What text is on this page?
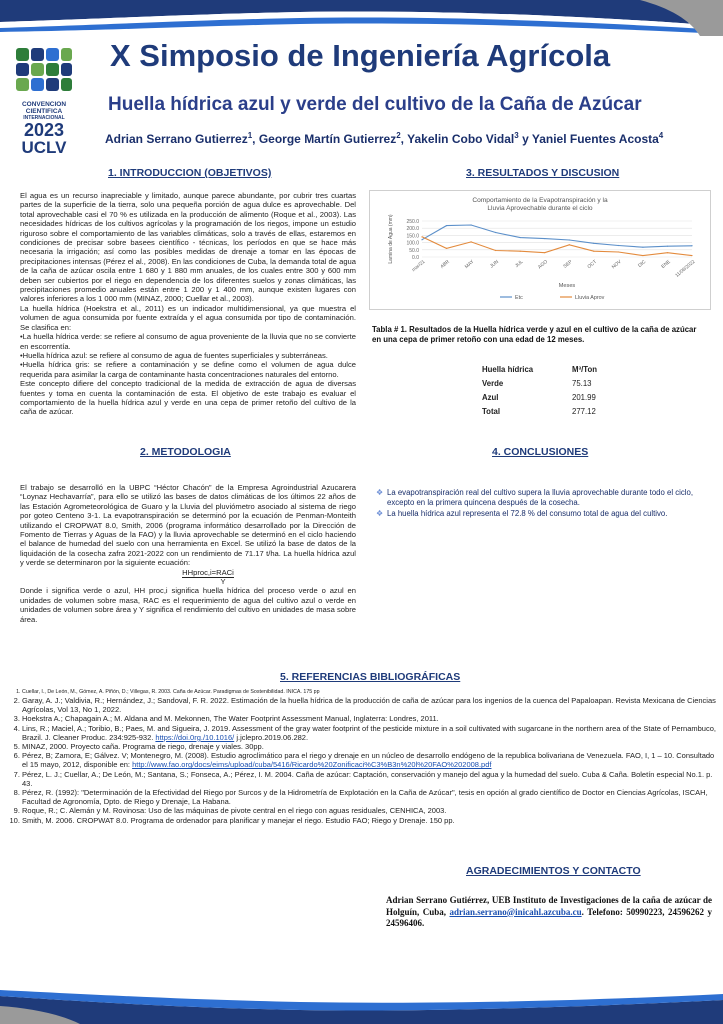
CONVENCION
CIENTIFICA
INTERNACIONAL
2023
UCLV
X Simposio de Ingeniería Agrícola
Huella hídrica azul y verde del cultivo de la Caña de Azúcar
Adrian Serrano Gutierrez$^1$, George Martín Gutierrez$^2$, Yakelin Cobo Vidal$^3$ y Yaniel Fuentes Acosta$^4$
1. INTRODUCCION (OBJETIVOS)

El agua es un recurso inapreciable y limitado, aunque parece abundante, por cubrir tres cuartas partes de la superficie de la tierra, solo una pequeña porción de agua dulce es aprovechable. Del total aprovechable casi el 70 % es utilizada en la producción de alimento (Roque et al., 2003). Las necesidades hídricas de los cultivos agrícolas y la programación de los riegos, impone un estudio riguroso sobre el comportamiento de las variables climáticas, solo a través de ellas, estaremos en condiciones de precisar sobre basees científico - técnicas, los períodos en que se hace más necesaria la irrigación; así como las posibles medidas de drenaje a tomar en las épocas de precipitaciones intensas (Pérez el al., 2008). En las condiciones de Cuba, la demanda total de agua de la caña de azúcar oscila entre 1 680 y 1 880 mm anuales, de los cuales entre 300 y 600 mm deben ser cubiertos por el riego en dependencia de los diferentes suelos y zonas climáticas, las precipitaciones promedio anuales están entre 1 200 y 1 400 mm, aunque existen lugares con valores inferiores a los 1 000 mm (MINAZ, 2000; Cuellar et al., 2003).

La huella hídrica (Hoekstra et al., 2011) es un indicador multidimensional, ya que muestra el volumen de agua consumida por fuente extraída y el agua consumida por tipo de contaminación. Se clasifica en:

•La huella hídrica verde: se refiere al consumo de agua proveniente de la lluvia que no se convierte en escorrentía.

•Huella hídrica azul: se refiere al consumo de agua de fuentes superficiales y subterráneas.

•Huella hídrica gris: se refiere a contaminación y se define como el volumen de agua dulce requerida para asimilar la carga de contaminante hasta concentraciones naturales del entorno.

Este concepto difiere del concepto tradicional de la medida de extracción de agua de diversas fuentes y toma en cuenta la contaminación de esta. El objetivo de este trabajo es evaluar el comportamiento de la huella hídrica azul y verde en una cepa de primer retoño del cultivo de la caña de azúcar.

2. METODOLOGIA

El trabajo se desarrolló en la UBPC “Héctor Chacón” de la Empresa Agroindustrial Azucarera “Loynaz Hechavarría”, para ello se utilizó las bases de datos climáticas de los últimos 22 años de las Estación Agrometeorológica de Guaro y la Lluvia del pluviómetro asociado al sistema de riego por goteo Centeno 3-1. La evapotranspiración se determinó por la ecuación de Penman-Monteith utilizando el CROPWAT 8.0, Smith, 2006 (programa informático desarrollado por la Dirección de Fomento de Tierras y Aguas de la FAO) y la lluvia aprovechable se determinó en el ciclo haciendo el balance de humedad del suelo con una herramienta en Excel. Se utilizó la base de datos de la liquidación de la cosecha zafra 2021-2022 con un rendimiento de 71.17 t/ha. La huella hídrica azul y verde se determinaron por la siguiente ecuación:

HHproc,i=RACi

Y

Donde i significa verde o azul, HH proc,i significa huella hídrica del proceso verde o azul en unidades de volumen sobre masa, RAC es el requerimiento de agua del cultivo azul o verde en unidades de volumen sobre área y Y significa el rendimiento del cultivo en unidades de masa sobre área.

3. RESULTADOS Y DISCUSION
Comportamiento de la Evapotranspiración y la
Lluvia Aprovechable durante el ciclo
250.0
200.0
150.0
100.0
50.0
0.0
Lamina de Agua (mm)
mar/21	ABR	MAY	JUN	JUL	AGO	SEP	OCT	NOV	DIC	ENE 11/06/2022
Meses
Etc	Lluvia Aprov
Tabla # 1. Resultados de la Huella hídrica verde y azul en el cultivo de la caña de azúcar en una cepa de primer retoño con una edad de 12 meses.
Huella hídrica	M³/Ton
Verde	75.13
Azul	201.99
Total	277.12
4. CONCLUSIONES
❖ La evapotranspiración real del cultivo supera la lluvia aprovechable durante todo el ciclo, excepto en la primera quincena después de la cosecha.
❖ La huella hídrica azul representa el 72.8 % del consumo total de agua del cultivo.
5. REFERENCIAS BIBLIOGRÁFICAS
1. Cuellar, I., De León, M., Gómez, A. Piñón, D.; Villegas, R. 2003. Caña de Azúcar. Paradigmas de Sostenibilidad. INICA. 175 pp
2. Garay, A. J.; Valdivia, R.; Hernández, J.; Sandoval, F. R. 2022. Estimación de la huella hídrica de la producción de caña de azúcar para los ingenios de la cuenca del Papaloapan. Revista Mexicana de Ciencias Agrícolas, Vol 13, No 1, 2022.
3. Hoekstra A.; Chapagain A.; M. Aldana and M. Mekonnen, The Water Footprint Assessment Manual, Inglaterra: Londres, 2011.
4. Lins, R.; Maciel, A.; Toribio, B.; Paes, M. and Sigueira, J. 2019. Assessment of the gray water footprint of the pesticide mixture in a soil cultivated with sugarcane in the northern area of the State of Pernambuco, Brazil. J. Cleaner Produc. 234:925-932. https://doi.0rg./10.1016/ j.jclepro.2019.06.282.
5. MINAZ, 2000. Proyecto caña. Programa de riego, drenaje y viales. 30pp.
6. Pérez, B; Zamora, E; Gálvez. V; Montenegro, M. (2008). Estudio agroclimático para el riego y drenaje en un núcleo de desarrollo endógeno de la republica bolivariana de Venezuela. FAO, I, 1 – 10. Consultado el 15 mayo, 2012, disponible en: http://www.fao.org/docs/eims/upload/cuba/5416/Ricardo%20Zonificaci%C3%B3n%20l%20FAO%202008.pdf
7. Pérez, L. J.; Cuellar, A.; De León, M.; Santana, S.; Fonseca, A.; Pérez, I. M. 2004. Caña de azúcar: Captación, conservación y manejo del agua y la humedad del suelo. Cuba & Caña. Boletín especial No.1. p. 43.
8. Pérez, R. (1992): "Determinación de la Efectividad del Riego por Surcos y de la Hidrometría de Explotación en la Caña de Azúcar", tesis en opción al grado científico de Doctor en Ciencias Agrícolas, ISCAH, Facultad de Agronomía, Dpto. de Riego y Drenaje, La Habana.
9. Roque, R.; C. Alemán y M. Rovinosa: Uso de las máquinas de pivote central en el riego con aguas residuales, CENHICA, 2003.
10. Smith, M. 2006. CROPWAT 8.0. Programa de ordenador para planificar y manejar el riego. Estudio FAO; Riego y Drenaje. 150 pp.
AGRADECIMIENTOS Y CONTACTO
Adrian Serrano Gutiérrez, UEB Instituto de Investigaciones de la caña de azúcar de Holguín, Cuba, adrian.serrano@inicahl.azcuba.cu. Telefono: 50990223, 24596262 y 24596406.
